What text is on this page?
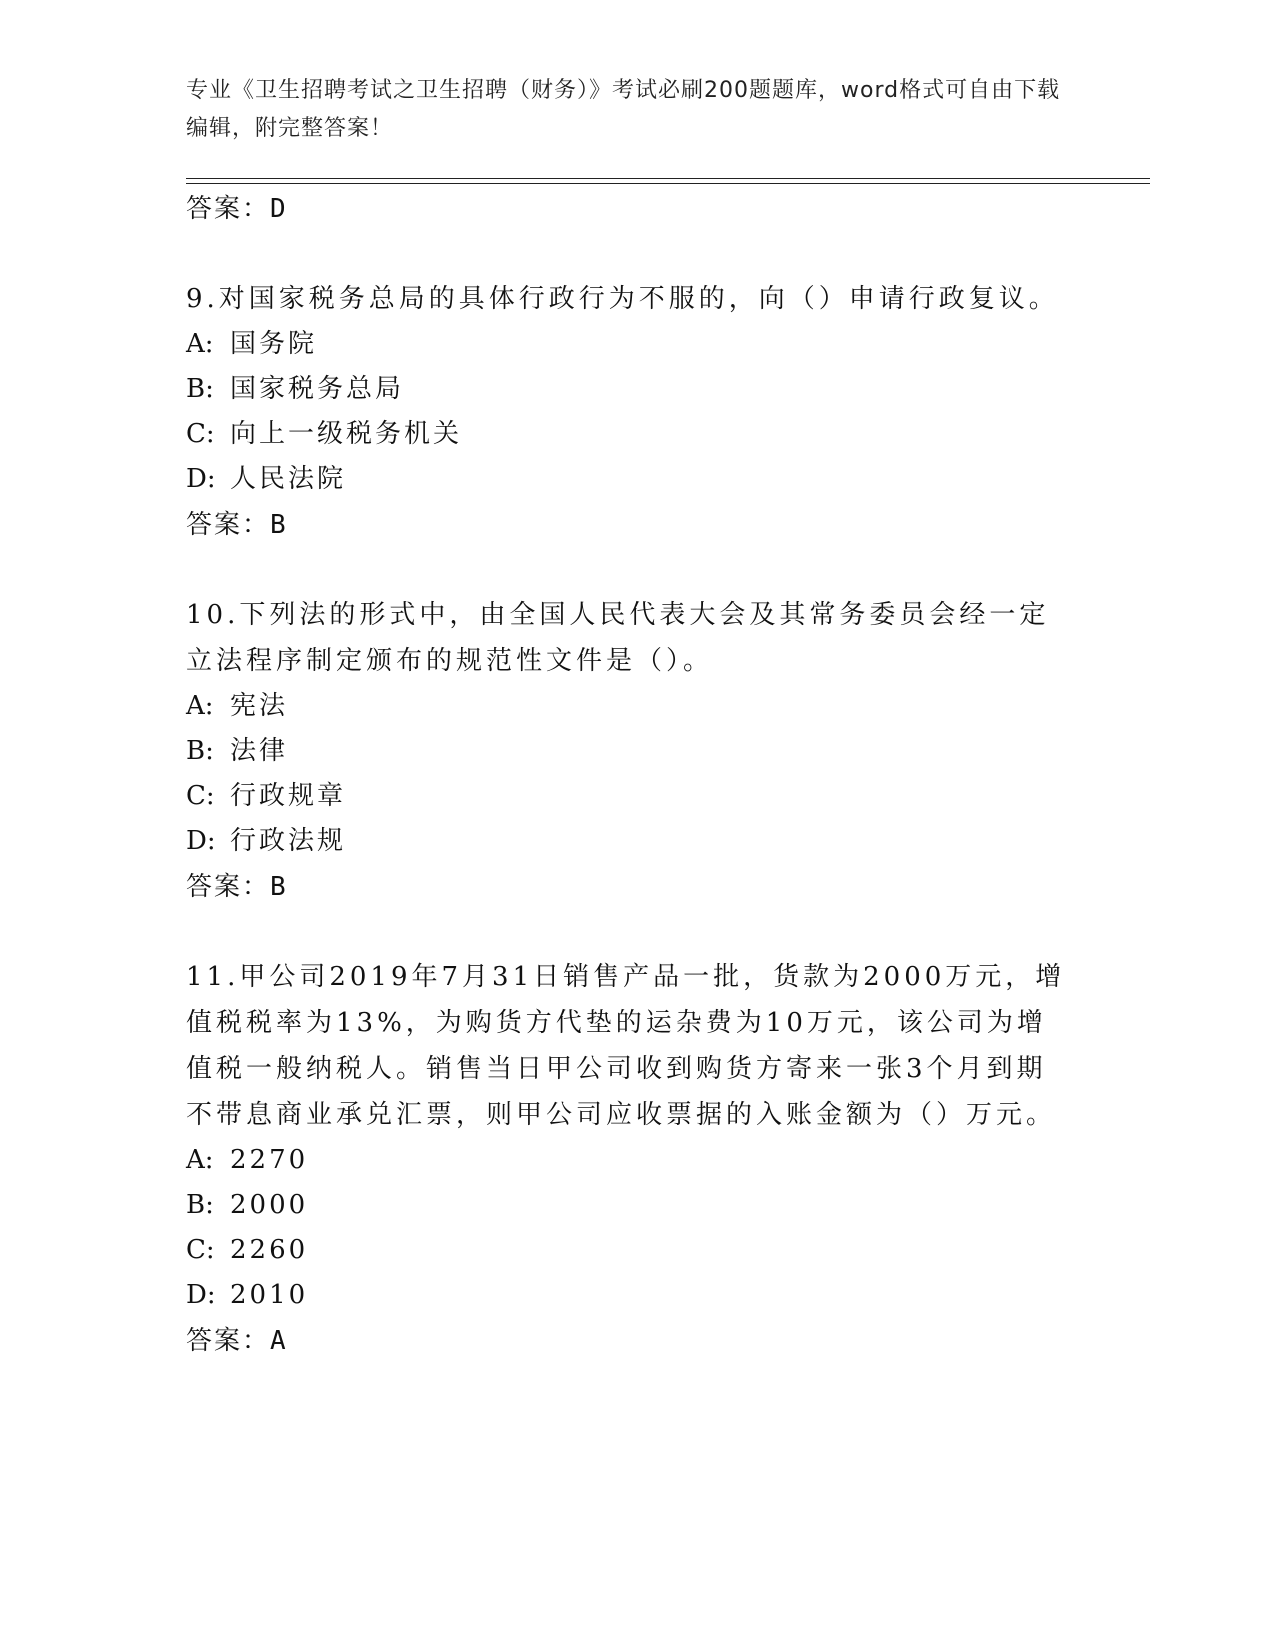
专业《卫生招聘考试之卫生招聘（财务）》考试必刷200题题库，word格式可自由下载编辑，附完整答案！
答案：D
9.对国家税务总局的具体行政行为不服的，向（）申请行政复议。
A: 国务院
B: 国家税务总局
C: 向上一级税务机关
D: 人民法院
答案：B
10.下列法的形式中，由全国人民代表大会及其常务委员会经一定立法程序制定颁布的规范性文件是（）。
A: 宪法
B: 法律
C: 行政规章
D: 行政法规
答案：B
11.甲公司2019年7月31日销售产品一批，货款为2000万元，增值税税率为13%，为购货方代垫的运杂费为10万元，该公司为增值税一般纳税人。销售当日甲公司收到购货方寄来一张3个月到期不带息商业承兑汇票，则甲公司应收票据的入账金额为（）万元。
A: 2270
B: 2000
C: 2260
D: 2010
答案：A
